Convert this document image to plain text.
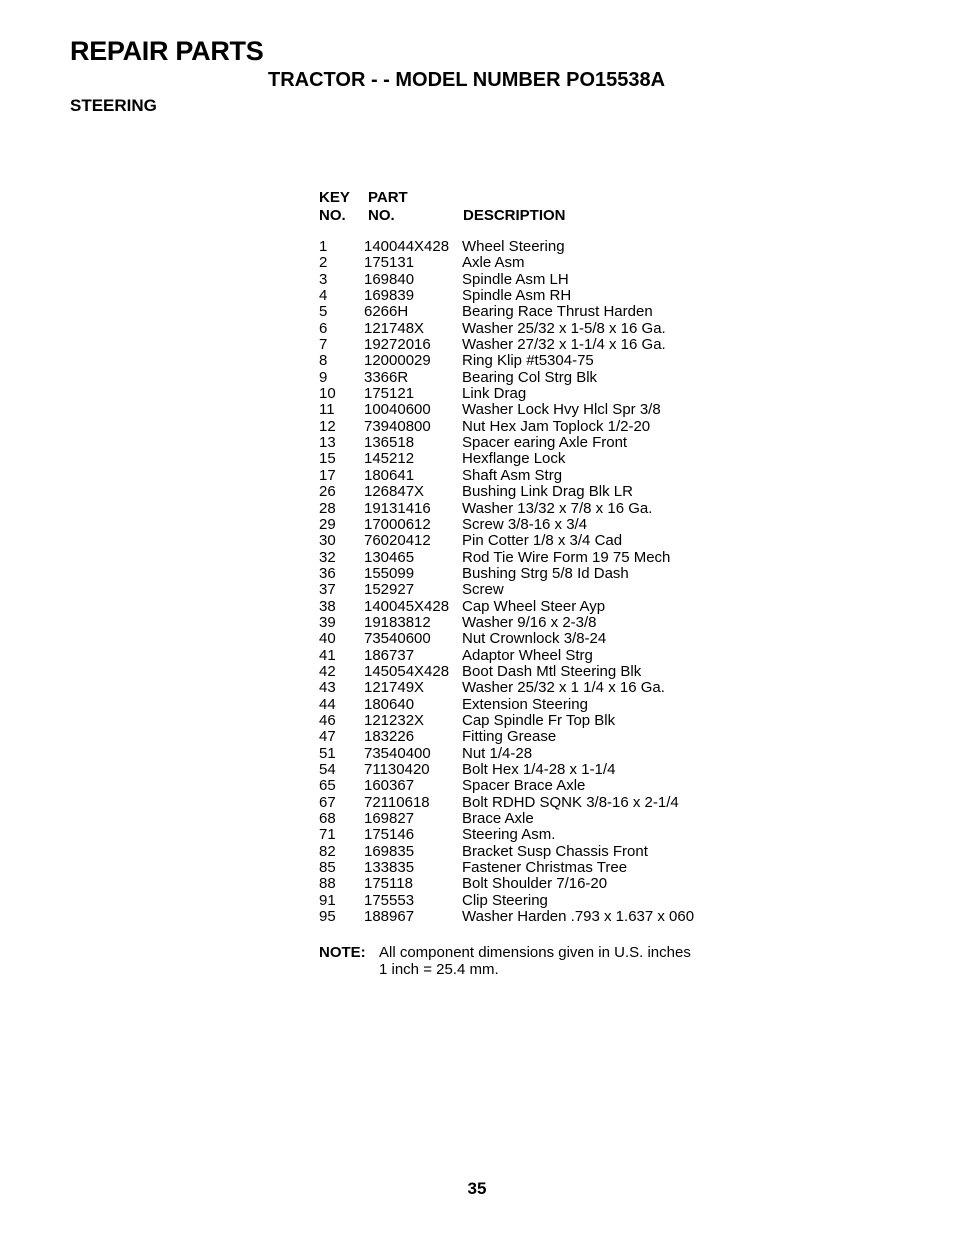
REPAIR PARTS
TRACTOR - - MODEL NUMBER PO15538A
STEERING
KEY
NO.
PART
NO.	DESCRIPTION
1 140044X428 Wheel Steering
2 175131	Axle Asm
3 169840	Spindle Asm LH
4 169839	Spindle Asm RH
5 6266H	Bearing Race Thrust Harden
6 121748X	Washer 25/32 x 1-5/8 x 16 Ga.
7 19272016 Washer 27/32 x 1-1/4 x 16 Ga.
8 12000029 Ring Klip #t5304-75
9 3366R	Bearing Col Strg Blk
10 175121	Link Drag
11 10040600 Washer Lock Hvy Hlcl Spr 3/8
12 73940800 Nut Hex Jam Toplock 1/2-20
13 136518	Spacer earing Axle Front
15 145212	Hexflange Lock
17 180641	Shaft Asm Strg
26 126847X	Bushing Link Drag Blk LR
28 19131416 Washer 13/32 x 7/8 x 16 Ga.
29 17000612 Screw 3/8-16 x 3/4
30 76020412 Pin Cotter 1/8 x 3/4 Cad
32 130465	Rod Tie Wire Form 19 75 Mech
36 155099	Bushing Strg 5/8 Id Dash
37 152927	Screw
38 140045X428 Cap Wheel Steer Ayp
39 19183812 Washer 9/16 x 2-3/8
40 73540600 Nut Crownlock 3/8-24
41 186737	Adaptor Wheel Strg
42 145054X428 Boot Dash Mtl Steering Blk
43 121749X	Washer 25/32 x 1 1/4 x 16 Ga.
44 180640	Extension Steering
46 121232X	Cap Spindle Fr Top Blk
47 183226	Fitting Grease
51 73540400 Nut 1/4-28
54 71130420 Bolt Hex 1/4-28 x 1-1/4
65 160367	Spacer Brace Axle
67 72110618 Bolt RDHD SQNK 3/8-16 x 2-1/4
68 169827	Brace Axle
71 175146	Steering Asm.
82 169835	Bracket Susp Chassis Front
85 133835	Fastener Christmas Tree
88 175118	Bolt Shoulder 7/16-20
91 175553	Clip Steering
95 188967	Washer Harden .793 x 1.637 x 060
NOTE: All component dimensions given in U.S. inches
1 inch = 25.4 mm.
35
